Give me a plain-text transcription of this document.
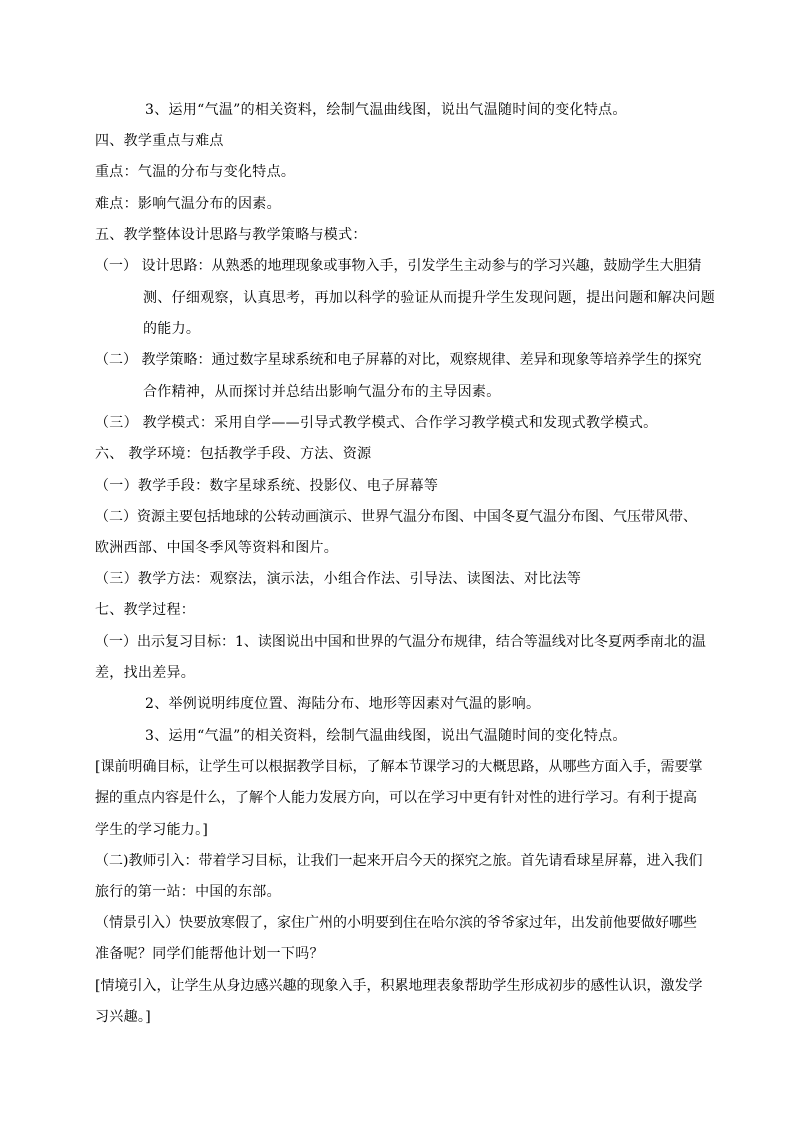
3、运用“气温”的相关资料，绘制气温曲线图，说出气温随时间的变化特点。
四、教学重点与难点
重点：气温的分布与变化特点。
难点：影响气温分布的因素。
五、教学整体设计思路与教学策略与模式：
（一） 设计思路：从熟悉的地理现象或事物入手，引发学生主动参与的学习兴趣，鼓励学生大胆猜
测、仔细观察，认真思考，再加以科学的验证从而提升学生发现问题，提出问题和解决问题
的能力。
（二） 教学策略：通过数字星球系统和电子屏幕的对比，观察规律、差异和现象等培养学生的探究
合作精神，从而探讨并总结出影响气温分布的主导因素。
（三） 教学模式：采用自学——引导式教学模式、合作学习教学模式和发现式教学模式。
六、 教学环境：包括教学手段、方法、资源
（一）教学手段：数字星球系统、投影仪、电子屏幕等
（二）资源主要包括地球的公转动画演示、世界气温分布图、中国冬夏气温分布图、气压带风带、
欧洲西部、中国冬季风等资料和图片。
（三）教学方法：观察法，演示法，小组合作法、引导法、读图法、对比法等
七、教学过程：
（一）出示复习目标：1、读图说出中国和世界的气温分布规律，结合等温线对比冬夏两季南北的温
差，找出差异。
2、举例说明纬度位置、海陆分布、地形等因素对气温的影响。
3、运用“气温”的相关资料，绘制气温曲线图，说出气温随时间的变化特点。
[课前明确目标，让学生可以根据教学目标，了解本节课学习的大概思路，从哪些方面入手，需要掌
握的重点内容是什么，了解个人能力发展方向，可以在学习中更有针对性的进行学习。有利于提高
学生的学习能力。]
（二)教师引入：带着学习目标，让我们一起来开启今天的探究之旅。首先请看球星屏幕，进入我们
旅行的第一站：中国的东部。
（情景引入）快要放寒假了，家住广州的小明要到住在哈尔滨的爷爷家过年，出发前他要做好哪些
准备呢？同学们能帮他计划一下吗？
[情境引入，让学生从身边感兴趣的现象入手，积累地理表象帮助学生形成初步的感性认识，激发学
习兴趣。]
